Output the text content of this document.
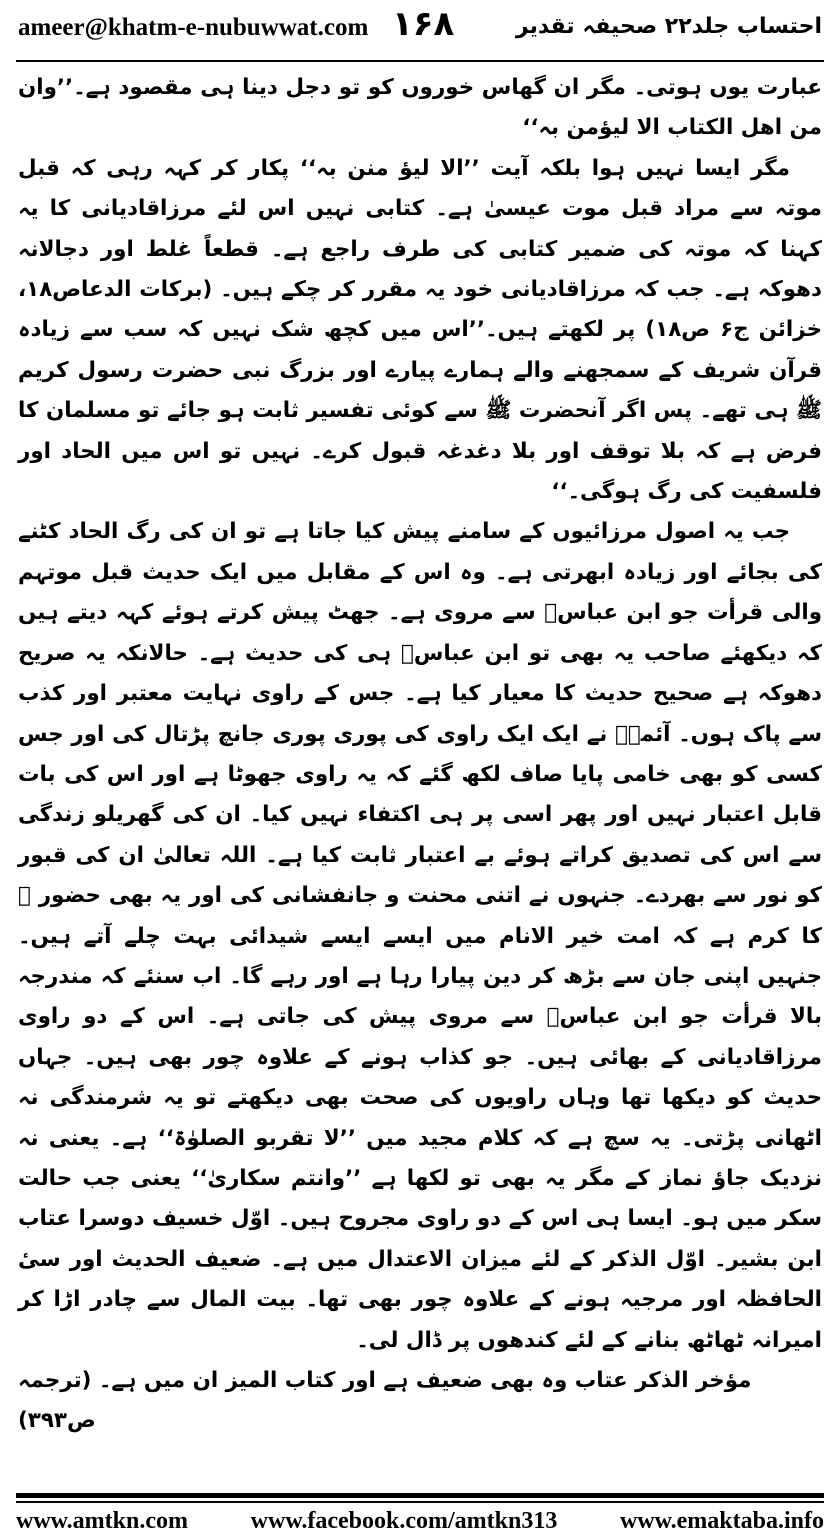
ameer@khatm-e-nubuwwat.com ۱۶۸	احتساب جلد۲۲ صحیفہ تقدیر

عبارت یوں ہوتی۔ مگر ان گھاس خوروں کو تو دجل دینا ہی مقصود ہے۔’’وان من اھل الکتاب الا لیؤمن بہ‘‘

مگر ایسا نہیں ہوا بلکہ آیت ’’الا لیؤ منن بہ‘‘ پکار کر کہہ رہی کہ قبل موتہ سے مراد قبل موت عیسیٰ ہے۔ کتابی نہیں اس لئے مرزاقادیانی کا یہ کہنا کہ موتہ کی ضمیر کتابی کی طرف راجع ہے۔ قطعاً غلط اور دجالانہ دھوکہ ہے۔ جب کہ مرزاقادیانی خود یہ مقرر کر چکے ہیں۔ (برکات الدعاص۱۸، خزائن ج۶ ص۱۸) پر لکھتے ہیں۔’’اس میں کچھ شک نہیں کہ سب سے زیادہ قرآن شریف کے سمجھنے والے ہمارے پیارے اور بزرگ نبی حضرت رسول کریم ﷺ ہی تھے۔ پس اگر آنحضرت ﷺ سے کوئی تفسیر ثابت ہو جائے تو مسلمان کا فرض ہے کہ بلا توقف اور بلا دغدغہ قبول کرے۔ نہیں تو اس میں الحاد اور فلسفیت کی رگ ہوگی۔‘‘

جب یہ اصول مرزائیوں کے سامنے پیش کیا جاتا ہے تو ان کی رگ الحاد کٹنے کی بجائے اور زیادہ ابھرتی ہے۔ وہ اس کے مقابل میں ایک حدیث قبل موتہم والی قرأت جو ابن عباسؓ سے مروی ہے۔ جھٹ پیش کرتے ہوئے کہہ دیتے ہیں کہ دیکھئے صاحب یہ بھی تو ابن عباسؓ ہی کی حدیث ہے۔ حالانکہ یہ صریح دھوکہ ہے صحیح حدیث کا معیار کیا ہے۔ جس کے راوی نہایت معتبر اور کذب سے پاک ہوں۔ آئمہؒ نے ایک ایک راوی کی پوری پوری جانچ پڑتال کی اور جس کسی کو بھی خامی پایا صاف لکھ گئے کہ یہ راوی جھوٹا ہے اور اس کی بات قابل اعتبار نہیں اور پھر اسی پر ہی اکتفاء نہیں کیا۔ ان کی گھریلو زندگی سے اس کی تصدیق کراتے ہوئے بے اعتبار ثابت کیا ہے۔ اللہ تعالیٰ ان کی قبور کو نور سے بھردے۔ جنہوں نے اتنی محنت و جانفشانی کی اور یہ بھی حضور ﷺ کا کرم ہے کہ امت خیر الانام میں ایسے ایسے شیدائی بہت چلے آتے ہیں۔ جنہیں اپنی جان سے بڑھ کر دین پیارا رہا ہے اور رہے گا۔ اب سنئے کہ مندرجہ بالا قرأت جو ابن عباسؓ سے مروی پیش کی جاتی ہے۔ اس کے دو راوی مرزاقادیانی کے بھائی ہیں۔ جو کذاب ہونے کے علاوہ چور بھی ہیں۔ جہاں حدیث کو دیکھا تھا وہاں راویوں کی صحت بھی دیکھتے تو یہ شرمندگی نہ اٹھانی پڑتی۔ یہ سچ ہے کہ کلام مجید میں ’’لا تقربو الصلوٰۃ‘‘ ہے۔ یعنی نہ نزدیک جاؤ نماز کے مگر یہ بھی تو لکھا ہے ’’وانتم سکاریٰ‘‘ یعنی جب حالت سکر میں ہو۔ ایسا ہی اس کے دو راوی مجروح ہیں۔ اوّل خسیف دوسرا عتاب ابن بشیر۔ اوّل الذکر کے لئے میزان الاعتدال میں ہے۔ ضعیف الحدیث اور سیٔ الحافظہ اور مرجیہ ہونے کے علاوہ چور بھی تھا۔ بیت المال سے چادر اڑا کر امیرانہ ٹھاٹھ بنانے کے لئے کندھوں پر ڈال لی۔

مؤخر الذکر عتاب وہ بھی ضعیف ہے اور کتاب المیز ان میں ہے۔ (ترجمہ ص۳۹۳)

www.amtkn.com	www.facebook.com/amtkn313	www.emaktaba.info
